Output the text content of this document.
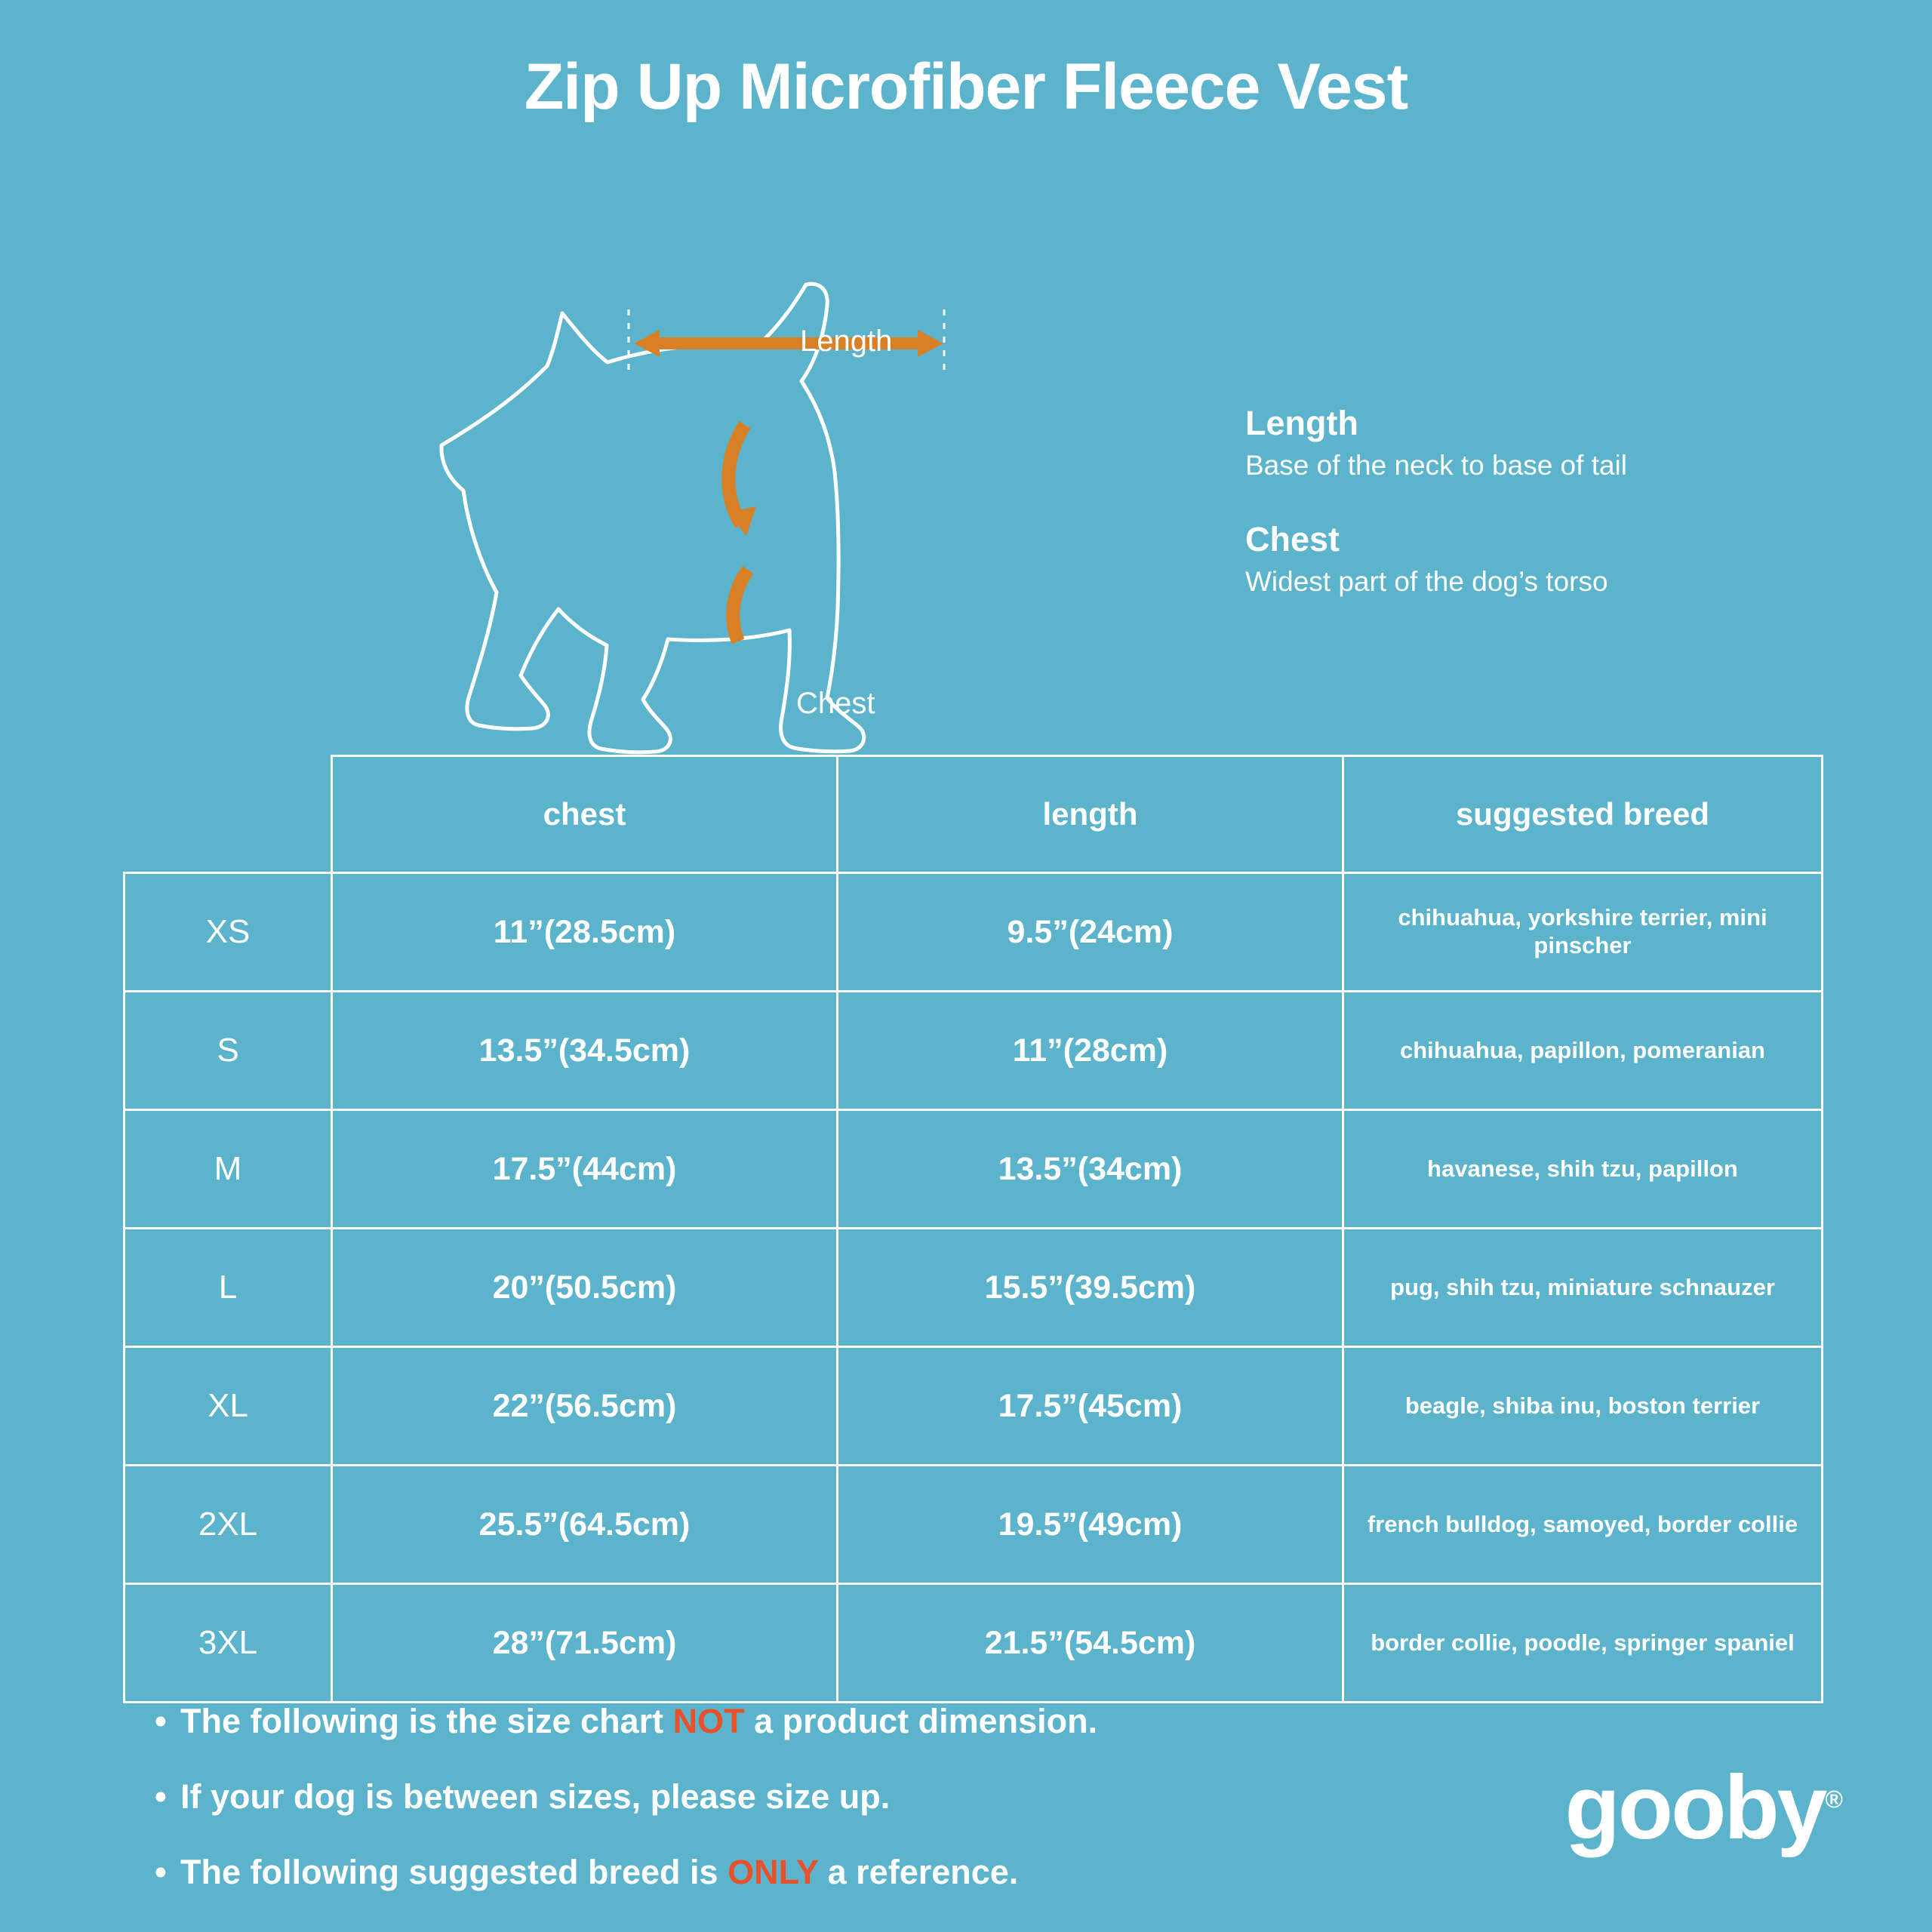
Zip Up Microfiber Fleece Vest
Length
Chest
Length

Base of the neck to base of tail

Chest

Widest part of the dog’s torso

	chest	length	suggested breed
XS	11”(28.5cm)	9.5”(24cm)	chihuahua, yorkshire terrier, mini pinscher
S	13.5”(34.5cm)	11”(28cm)	chihuahua, papillon, pomeranian
M	17.5”(44cm)	13.5”(34cm)	havanese, shih tzu, papillon
L	20”(50.5cm)	15.5”(39.5cm)	pug, shih tzu, miniature schnauzer
XL	22”(56.5cm)	17.5”(45cm)	beagle, shiba inu, boston terrier
2XL	25.5”(64.5cm)	19.5”(49cm)	french bulldog, samoyed, border collie
3XL	28”(71.5cm)	21.5”(54.5cm)	border collie, poodle, springer spaniel
• The following is the size chart NOT a product dimension.
• If your dog is between sizes, please size up.
• The following suggested breed is ONLY a reference.
gooby®
